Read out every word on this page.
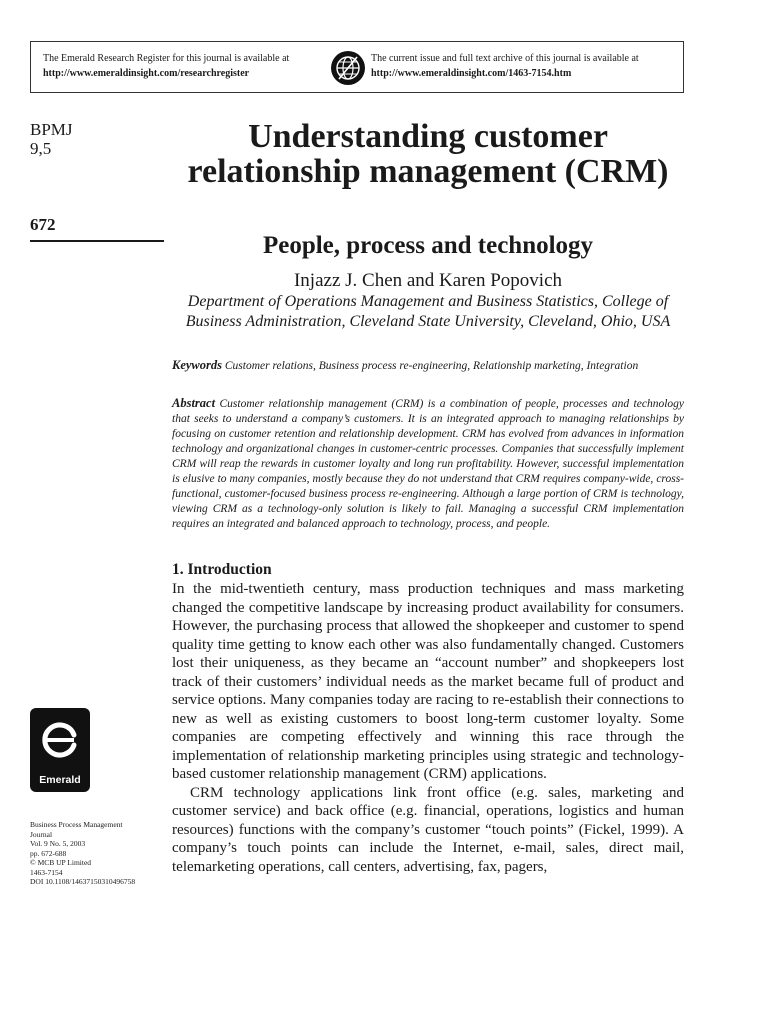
The Emerald Research Register for this journal is available at
http://www.emeraldinsight.com/researchregister
The current issue and full text archive of this journal is available at
http://www.emeraldinsight.com/1463-7154.htm
BPMJ
9,5
672
Understanding customer relationship management (CRM)
People, process and technology
Injazz J. Chen and Karen Popovich
Department of Operations Management and Business Statistics, College of Business Administration, Cleveland State University, Cleveland, Ohio, USA
Keywords Customer relations, Business process re-engineering, Relationship marketing, Integration
Abstract Customer relationship management (CRM) is a combination of people, processes and technology that seeks to understand a company’s customers. It is an integrated approach to managing relationships by focusing on customer retention and relationship development. CRM has evolved from advances in information technology and organizational changes in customer-centric processes. Companies that successfully implement CRM will reap the rewards in customer loyalty and long run profitability. However, successful implementation is elusive to many companies, mostly because they do not understand that CRM requires company-wide, cross-functional, customer-focused business process re-engineering. Although a large portion of CRM is technology, viewing CRM as a technology-only solution is likely to fail. Managing a successful CRM implementation requires an integrated and balanced approach to technology, process, and people.
1. Introduction

In the mid-twentieth century, mass production techniques and mass marketing changed the competitive landscape by increasing product availability for consumers. However, the purchasing process that allowed the shopkeeper and customer to spend quality time getting to know each other was also fundamentally changed. Customers lost their uniqueness, as they became an “account number” and shopkeepers lost track of their customers’ individual needs as the market became full of product and service options. Many companies today are racing to re-establish their connections to new as well as existing customers to boost long-term customer loyalty. Some companies are competing effectively and winning this race through the implementation of relationship marketing principles using strategic and technology-based customer relationship management (CRM) applications.

CRM technology applications link front office (e.g. sales, marketing and customer service) and back office (e.g. financial, operations, logistics and human resources) functions with the company’s customer “touch points” (Fickel, 1999). A company’s touch points can include the Internet, e-mail, sales, direct mail, telemarketing operations, call centers, advertising, fax, pagers,

Emerald
Business Process Management
Journal
Vol. 9 No. 5, 2003
pp. 672-688
© MCB UP Limited
1463-7154
DOI 10.1108/14637150310496758
